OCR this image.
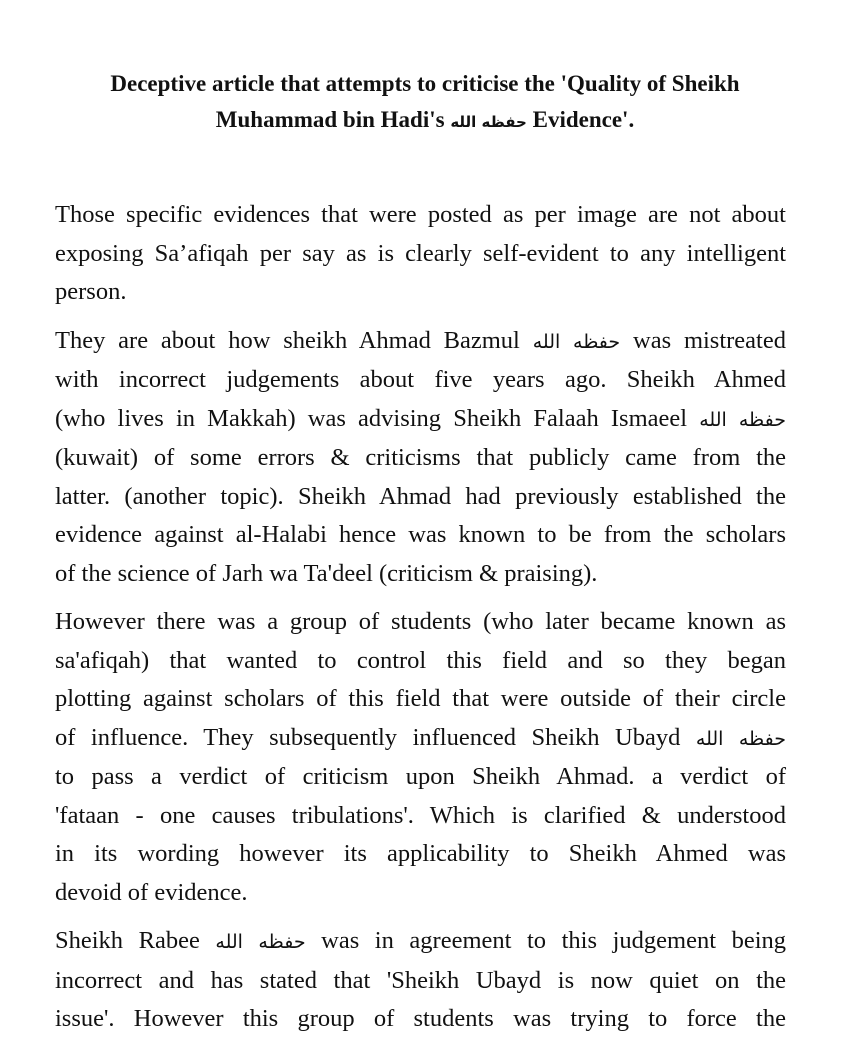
Deceptive article that attempts to criticise the 'Quality of Sheikh
Muhammad bin Hadi's حفظه الله Evidence'.

Those specific evidences that were posted as per image are not about
exposing Sa’afiqah per say as is clearly self-evident to any intelligent
person.

They are about how sheikh Ahmad Bazmul حفظه الله was mistreated
with incorrect judgements about five years ago. Sheikh Ahmed
(who lives in Makkah) was advising Sheikh Falaah Ismaeel حفظه الله
(kuwait) of some errors & criticisms that publicly came from the
latter. (another topic). Sheikh Ahmad had previously established the
evidence against al-Halabi hence was known to be from the scholars
of the science of Jarh wa Ta'deel (criticism & praising).

However there was a group of students (who later became known as
sa'afiqah) that wanted to control this field and so they began
plotting against scholars of this field that were outside of their circle
of influence. They subsequently influenced Sheikh Ubayd حفظه الله
to pass a verdict of criticism upon Sheikh Ahmad. a verdict of
'fataan - one causes tribulations'. Which is clarified & understood
in its wording however its applicability to Sheikh Ahmed was
devoid of evidence.

Sheikh Rabee حفظه الله was in agreement to this judgement being
incorrect and has stated that 'Sheikh Ubayd is now quiet on the
issue'. However this group of students was trying to force the
